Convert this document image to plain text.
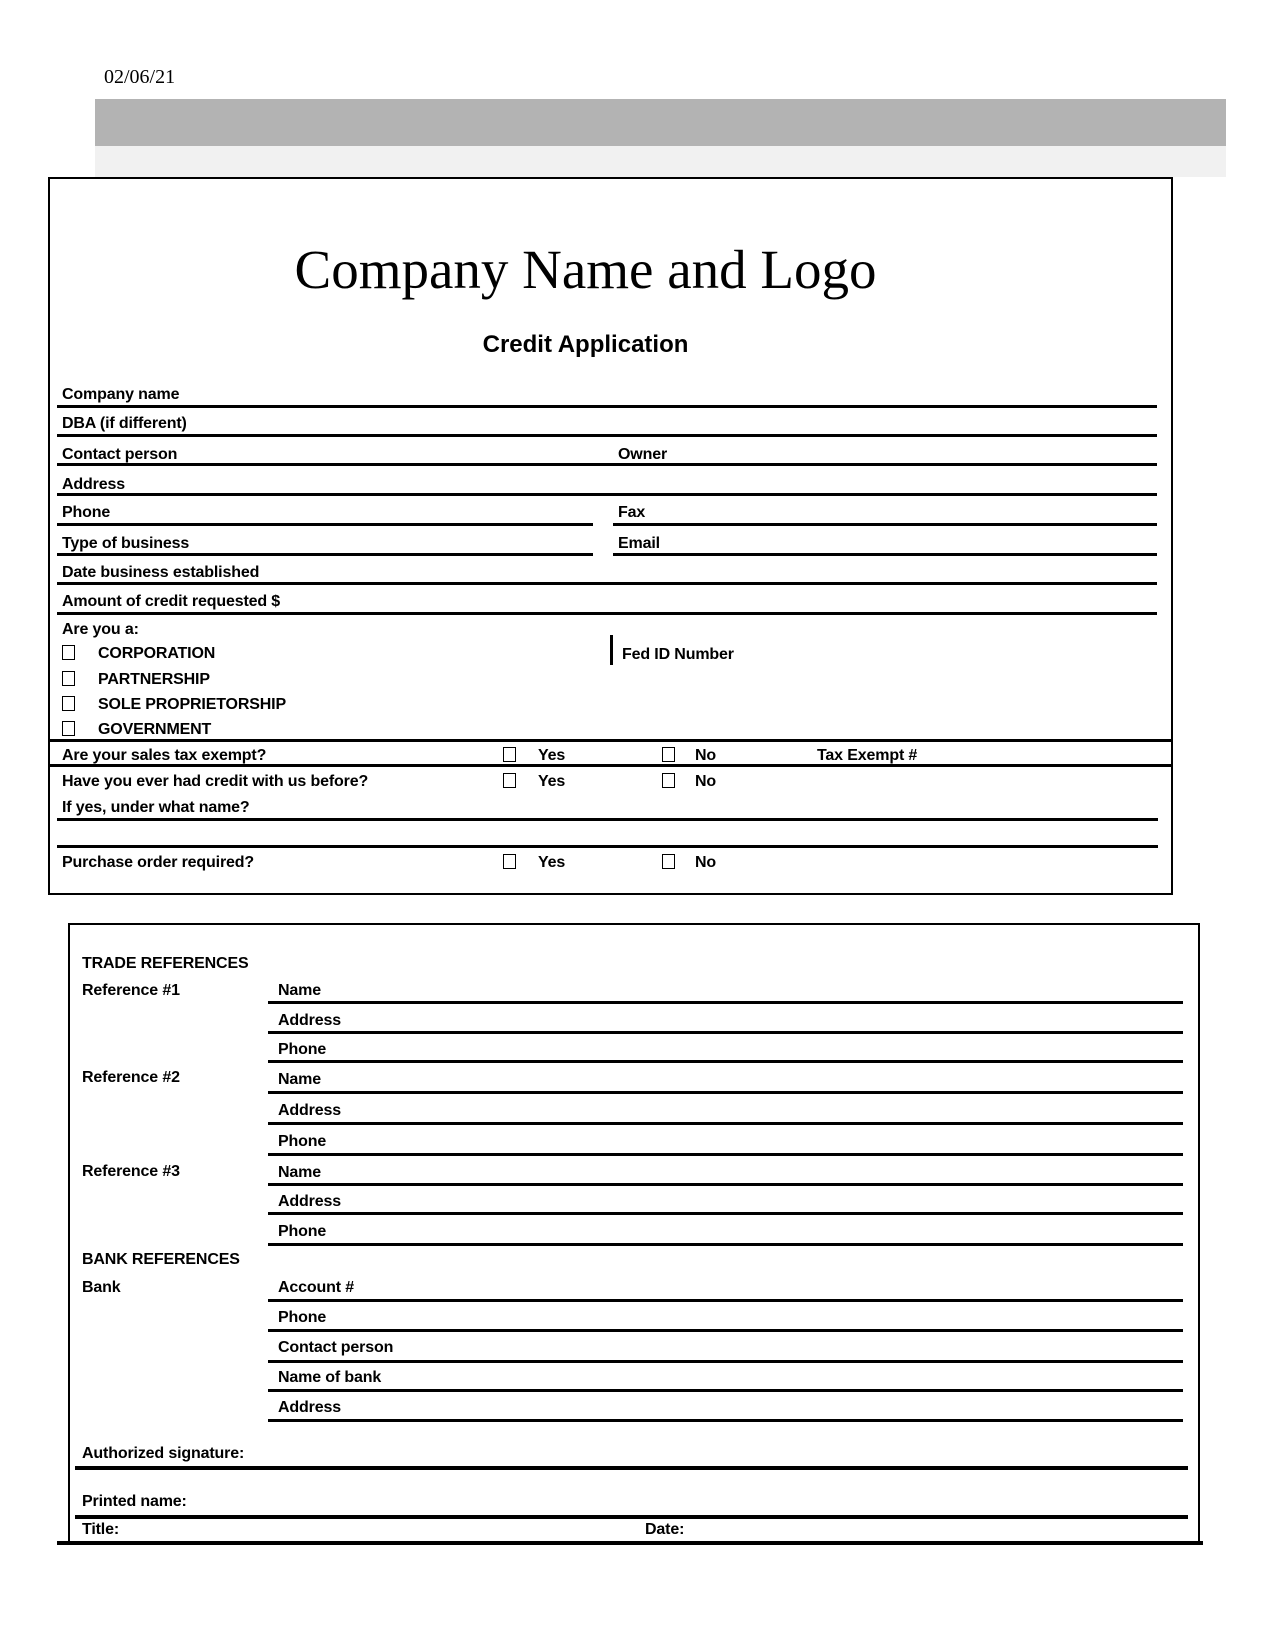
02/06/21
Company Name and Logo
Credit Application
Company name
DBA (if different)
Contact person	Owner
Address
Phone	Fax
Type of business	Email
Date business established
Amount of credit requested $
Are you a:
CORPORATION	Fed ID Number
PARTNERSHIP
SOLE PROPRIETORSHIP
GOVERNMENT
Are your sales tax exempt?	Yes	No	Tax Exempt #
Have you ever had credit with us before?	Yes	No
If yes, under what name?
Purchase order required?	Yes	No
TRADE REFERENCES
Reference #1	Name
Address
Phone
Reference #2	Name
Address
Phone
Reference #3	Name
Address
Phone
BANK REFERENCES
Bank	Account #
Phone
Contact person
Name of bank
Address
Authorized signature:
Printed name:
Title:	Date:
